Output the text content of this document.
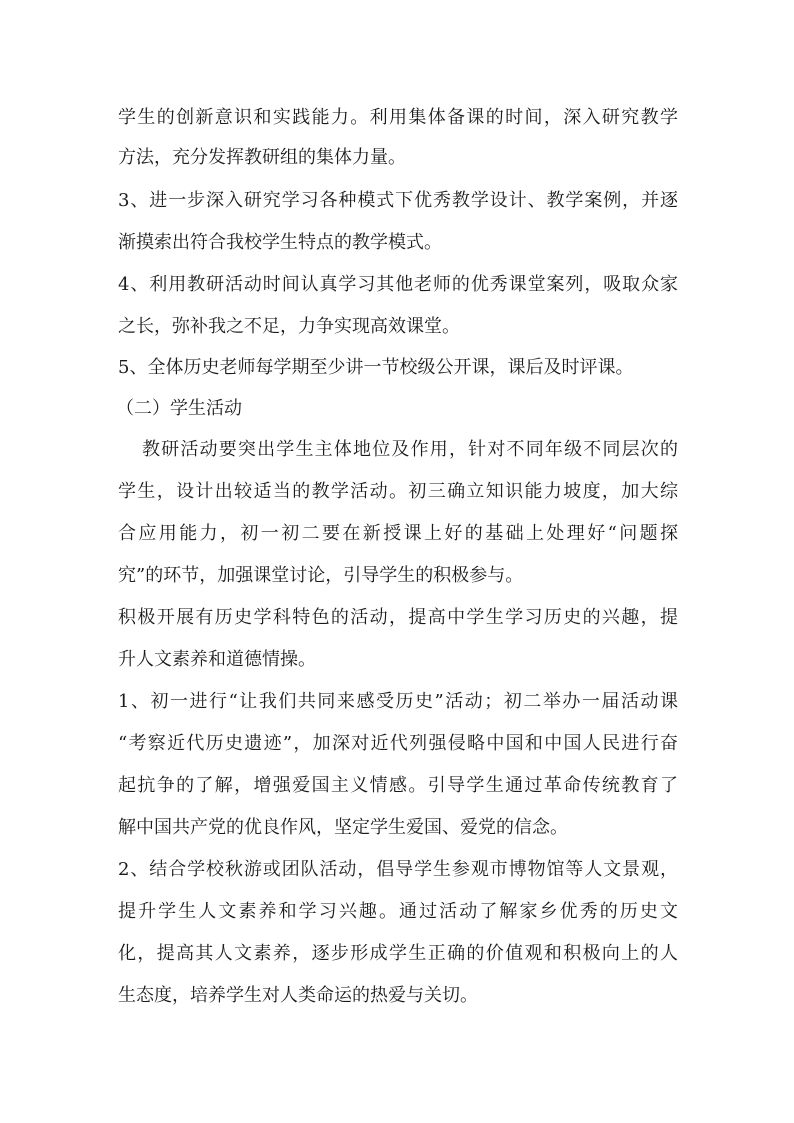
学生的创新意识和实践能力。利用集体备课的时间，深入研究教学
方法，充分发挥教研组的集体力量。
3、进一步深入研究学习各种模式下优秀教学设计、教学案例，并逐
渐摸索出符合我校学生特点的教学模式。
4、利用教研活动时间认真学习其他老师的优秀课堂案列，吸取众家
之长，弥补我之不足，力争实现高效课堂。
5、全体历史老师每学期至少讲一节校级公开课，课后及时评课。
（二）学生活动
教研活动要突出学生主体地位及作用，针对不同年级不同层次的
学生，设计出较适当的教学活动。初三确立知识能力坡度，加大综
合应用能力，初一初二要在新授课上好的基础上处理好“问题探
究”的环节，加强课堂讨论，引导学生的积极参与。
积极开展有历史学科特色的活动，提高中学生学习历史的兴趣，提
升人文素养和道德情操。
1、初一进行“让我们共同来感受历史”活动；初二举办一届活动课
“考察近代历史遗迹”，加深对近代列强侵略中国和中国人民进行奋
起抗争的了解，增强爱国主义情感。引导学生通过革命传统教育了
解中国共产党的优良作风，坚定学生爱国、爱党的信念。
2、结合学校秋游或团队活动，倡导学生参观市博物馆等人文景观，
提升学生人文素养和学习兴趣。通过活动了解家乡优秀的历史文
化，提高其人文素养，逐步形成学生正确的价值观和积极向上的人
生态度，培养学生对人类命运的热爱与关切。
